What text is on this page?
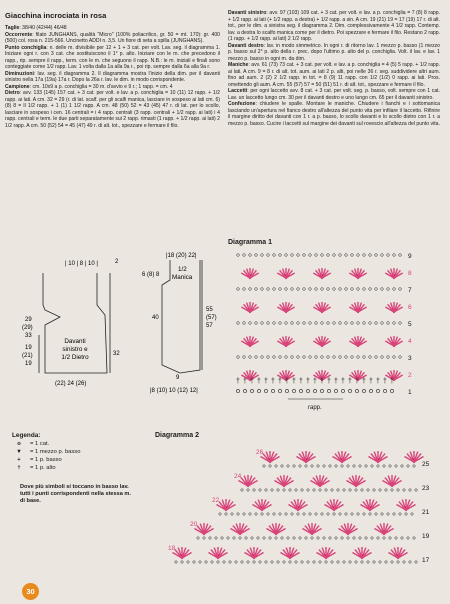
Giacchina incrociata in rosa

Taglie: 38/40 (42/44) 46/48

Occorrente: filato JUNGHANS, qualità "Micro" (100% poliacrilico, gr. 50 = mt. 170): gr. 400 (500) col. rosa n. 215-566. Uncinetto ADDI n. 3,5. Un fiore di seta a spilla (JUNGHANS).

Punto conchiglia: n. delle m. divisibile per 12 + 1 + 3 cat. per volt. Lav. seg. il diagramma 1. Iniziare ogni r. con 3 cat. che sostituiscono il 1° p. alto. Iniziare con le m. che precedono il rapp., rip. sempre il rapp., term. con le m. che seguono il rapp. N.B.: le m. iniziali e finali sono conteggiate come 1/2 rapp. Lav. 1 volta dalla 1a alla 9a r., poi rip. sempre dalla 6a alla 9a r.

Diminuzioni: lav. seg. il diagramma 2. Il diagramma mostra l'inizio della dim. per il davanti sinistro nella 17a (19a) 17a r. Dopo la 26a r. lav. le dim. in modo corrispondente.

Campione: cm. 10x9 a p. conchiglia = 30 m. d'avvio e 9 r.; 1 rapp. = cm. 4

Dietro: avv. 133 (145) 157 cat. + 3 cat. per volt. e lav. a p. conchiglia = 10 (11) 12 rapp. + 1/2 rapp. ai lati. A cm. 32 = 29 (r. di lat. scalf. per gli scalfi manica, lasciare in sospeso ai lati cm. 6) (8) 8 = Il 1/2 rapp. + 1 (1) 1 1/2 rapp. A cm. 48 (50) 52 = 43 (45) 47 r. di lat. per lo scollo, lasciare in sospeso i cen. 16 centrali = i 4 rapp. centrali (3 rapp. centrali + 1/2 rapp. ai lati) i 4 rapp. centrali e term. le due parti separatamente sui 2 rapp. rimasti (1 rapp. + 1/2 rapp. ai lati) 2 1/2 rapp. A cm. 50 (52) 54 = 45 (47) 49 r. di alt. tot., spezzare e fermare il filo.

Davanti sinistro: avv. 97 (103) 109 cat. + 3 cat. per volt. e lav. a p. conchiglia = 7 (8) 8 rapp. + 1/2 rapp. ai lati (+ 1/2 rapp. a destra) + 1/2 rapp. a sin. A cm. 19 (21) 19 = 17 (19) 17 r. di alt. tot., per le dim. a sinistra seg. il diagramma 2. Dim. complessivamente 4 1/2 rapp. Contemp. lav. a destra lo scalfo manica come per il dietro. Poi spezzare e fermare il filo. Restano 2 rapp. (1 rapp. + 1/2 rapp. ai lati) 2 1/2 rapp.

Davanti destro: lav. in modo simmetrico. In ogni r. di ritorno lav. 1 mezzo p. basso (1 mezzo p. basso sul 2° p. alto della r. prec. dopo l'ultimo p. alto del p. conchiglia. Volt. il lav. e lav. 1 mezzo p. basso in ogni m. da dim.

Maniche: avv. 61 (73) 73 cat. + 3 cat. per volt. e lav. a p. conchiglia = 4 (5) 5 rapp. + 1/2 rapp. ai lati. A cm. 9 = 8 r. di alt. tot. aum. ai lati 2 p. alti, poi nelle 36 r. seg. suddividere altri aum. fino ad aum. 2 (2) 2 1/2 rapp. in tot. = 8 (9) 11 rapp. con 1/2 (1/2) 0 rapp. ai lati. Pros. omettendo gli aum. A cm. 55 (57) 57 = 50 (51) 51 r. di alt. tot., spezzare e fermare il filo.

Laccetti: per ogni laccetto avv. 8 cat. + 3 cat. per volt. seg. p. basso, volt. sempre con 1 cat. Lav. un laccetto lungo cm. 30 per il davanti destro e uno lungo cm. 65 per il davanti sinistro.

Confezione: chiudere le spalle. Montare le maniche. Chiudere i fianchi e i sottomanica lasciando un'apertura nel fianco destro all'altezza del punto vita per infilare il laccetto. Rifinire il margine diritto dei davanti con 1 r. a p. basso, lo scollo davanti e lo scollo dietro con 1 r. a mezzo p. basso. Cucire i laccetti sul margine dei davanti sul rovescio all'altezza del punto vita.

| 10 | 8 | 10 |	2
29
(29)
33
19
(21)
19
32
(22) 24 (26)
Davanti sinistro e 1/2 Dietro
|18 (20) 22|
6 (8) 8
40
55
(57)
57
9
|8 (10) 10 (12) 12|
1/2 Manica
Diagramma 1
9
8
7
6
5
4
3
2
1
† † † † † † † † † † † † † † † † † † † † † † †
rapp.
Diagramma 2
26
25
24
23
22
21
20
19
18
17
Legenda:
o	= 1 cat.
▼	= 1 mezzo p. basso
+	= 1 p. basso
†	= 1 p. alto
Dove più simboli si toccano in basso lav. tutti i punti corrispondenti nella stessa m. di base.
30
